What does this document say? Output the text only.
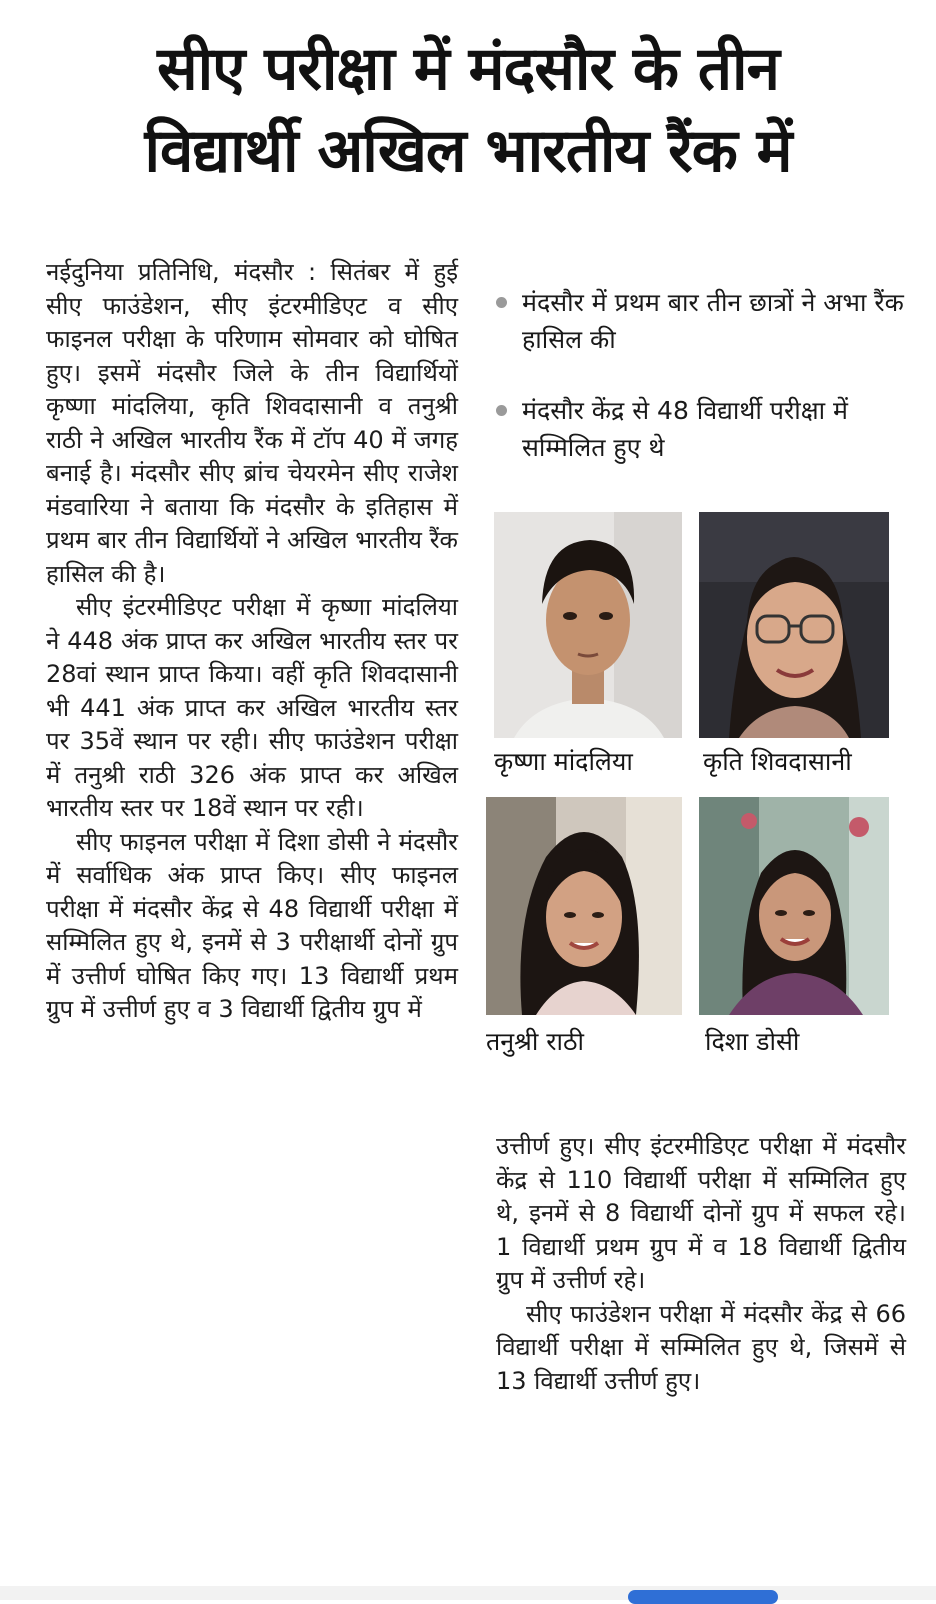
सीए परीक्षा में मंदसौर के तीन
विद्यार्थी अखिल भारतीय रैंक में

नईदुनिया प्रतिनिधि, मंदसौर : सितंबर में हुई सीए फाउंडेशन, सीए इंटरमीडिएट व सीए फाइनल परीक्षा के परिणाम सोमवार को घोषित हुए। इसमें मंदसौर जिले के तीन विद्यार्थियों कृष्णा मांदलिया, कृति शिवदासानी व तनुश्री राठी ने अखिल भारतीय रैंक में टॉप 40 में जगह बनाई है। मंदसौर सीए ब्रांच चेयरमेन सीए राजेश मंडवारिया ने बताया कि मंदसौर के इतिहास में प्रथम बार तीन विद्यार्थियों ने अखिल भारतीय रैंक हासिल की है।

सीए इंटरमीडिएट परीक्षा में कृष्णा मांदलिया ने 448 अंक प्राप्त कर अखिल भारतीय स्तर पर 28वां स्थान प्राप्त किया। वहीं कृति शिवदासानी भी 441 अंक प्राप्त कर अखिल भारतीय स्तर पर 35वें स्थान पर रही। सीए फाउंडेशन परीक्षा में तनुश्री राठी 326 अंक प्राप्त कर अखिल भारतीय स्तर पर 18वें स्थान पर रही।

सीए फाइनल परीक्षा में दिशा डोसी ने मंदसौर में सर्वाधिक अंक प्राप्त किए। सीए फाइनल परीक्षा में मंदसौर केंद्र से 48 विद्यार्थी परीक्षा में सम्मिलित हुए थे, इनमें से 3 परीक्षार्थी दोनों ग्रुप में उत्तीर्ण घोषित किए गए। 13 विद्यार्थी प्रथम ग्रुप में उत्तीर्ण हुए व 3 विद्यार्थी द्वितीय ग्रुप में

मंदसौर में प्रथम बार तीन छात्रों ने अभा रैंक हासिल की
मंदसौर केंद्र से 48 विद्यार्थी परीक्षा में सम्मिलित हुए थे
कृष्णा मांदलिया	कृति शिवदासानी
तनुश्री राठी	दिशा डोसी

उत्तीर्ण हुए। सीए इंटरमीडिएट परीक्षा में मंदसौर केंद्र से 110 विद्यार्थी परीक्षा में सम्मिलित हुए थे, इनमें से 8 विद्यार्थी दोनों ग्रुप में सफल रहे। 1 विद्यार्थी प्रथम ग्रुप में व 18 विद्यार्थी द्वितीय ग्रुप में उत्तीर्ण रहे।

सीए फाउंडेशन परीक्षा में मंदसौर केंद्र से 66 विद्यार्थी परीक्षा में सम्मिलित हुए थे, जिसमें से 13 विद्यार्थी उत्तीर्ण हुए।
